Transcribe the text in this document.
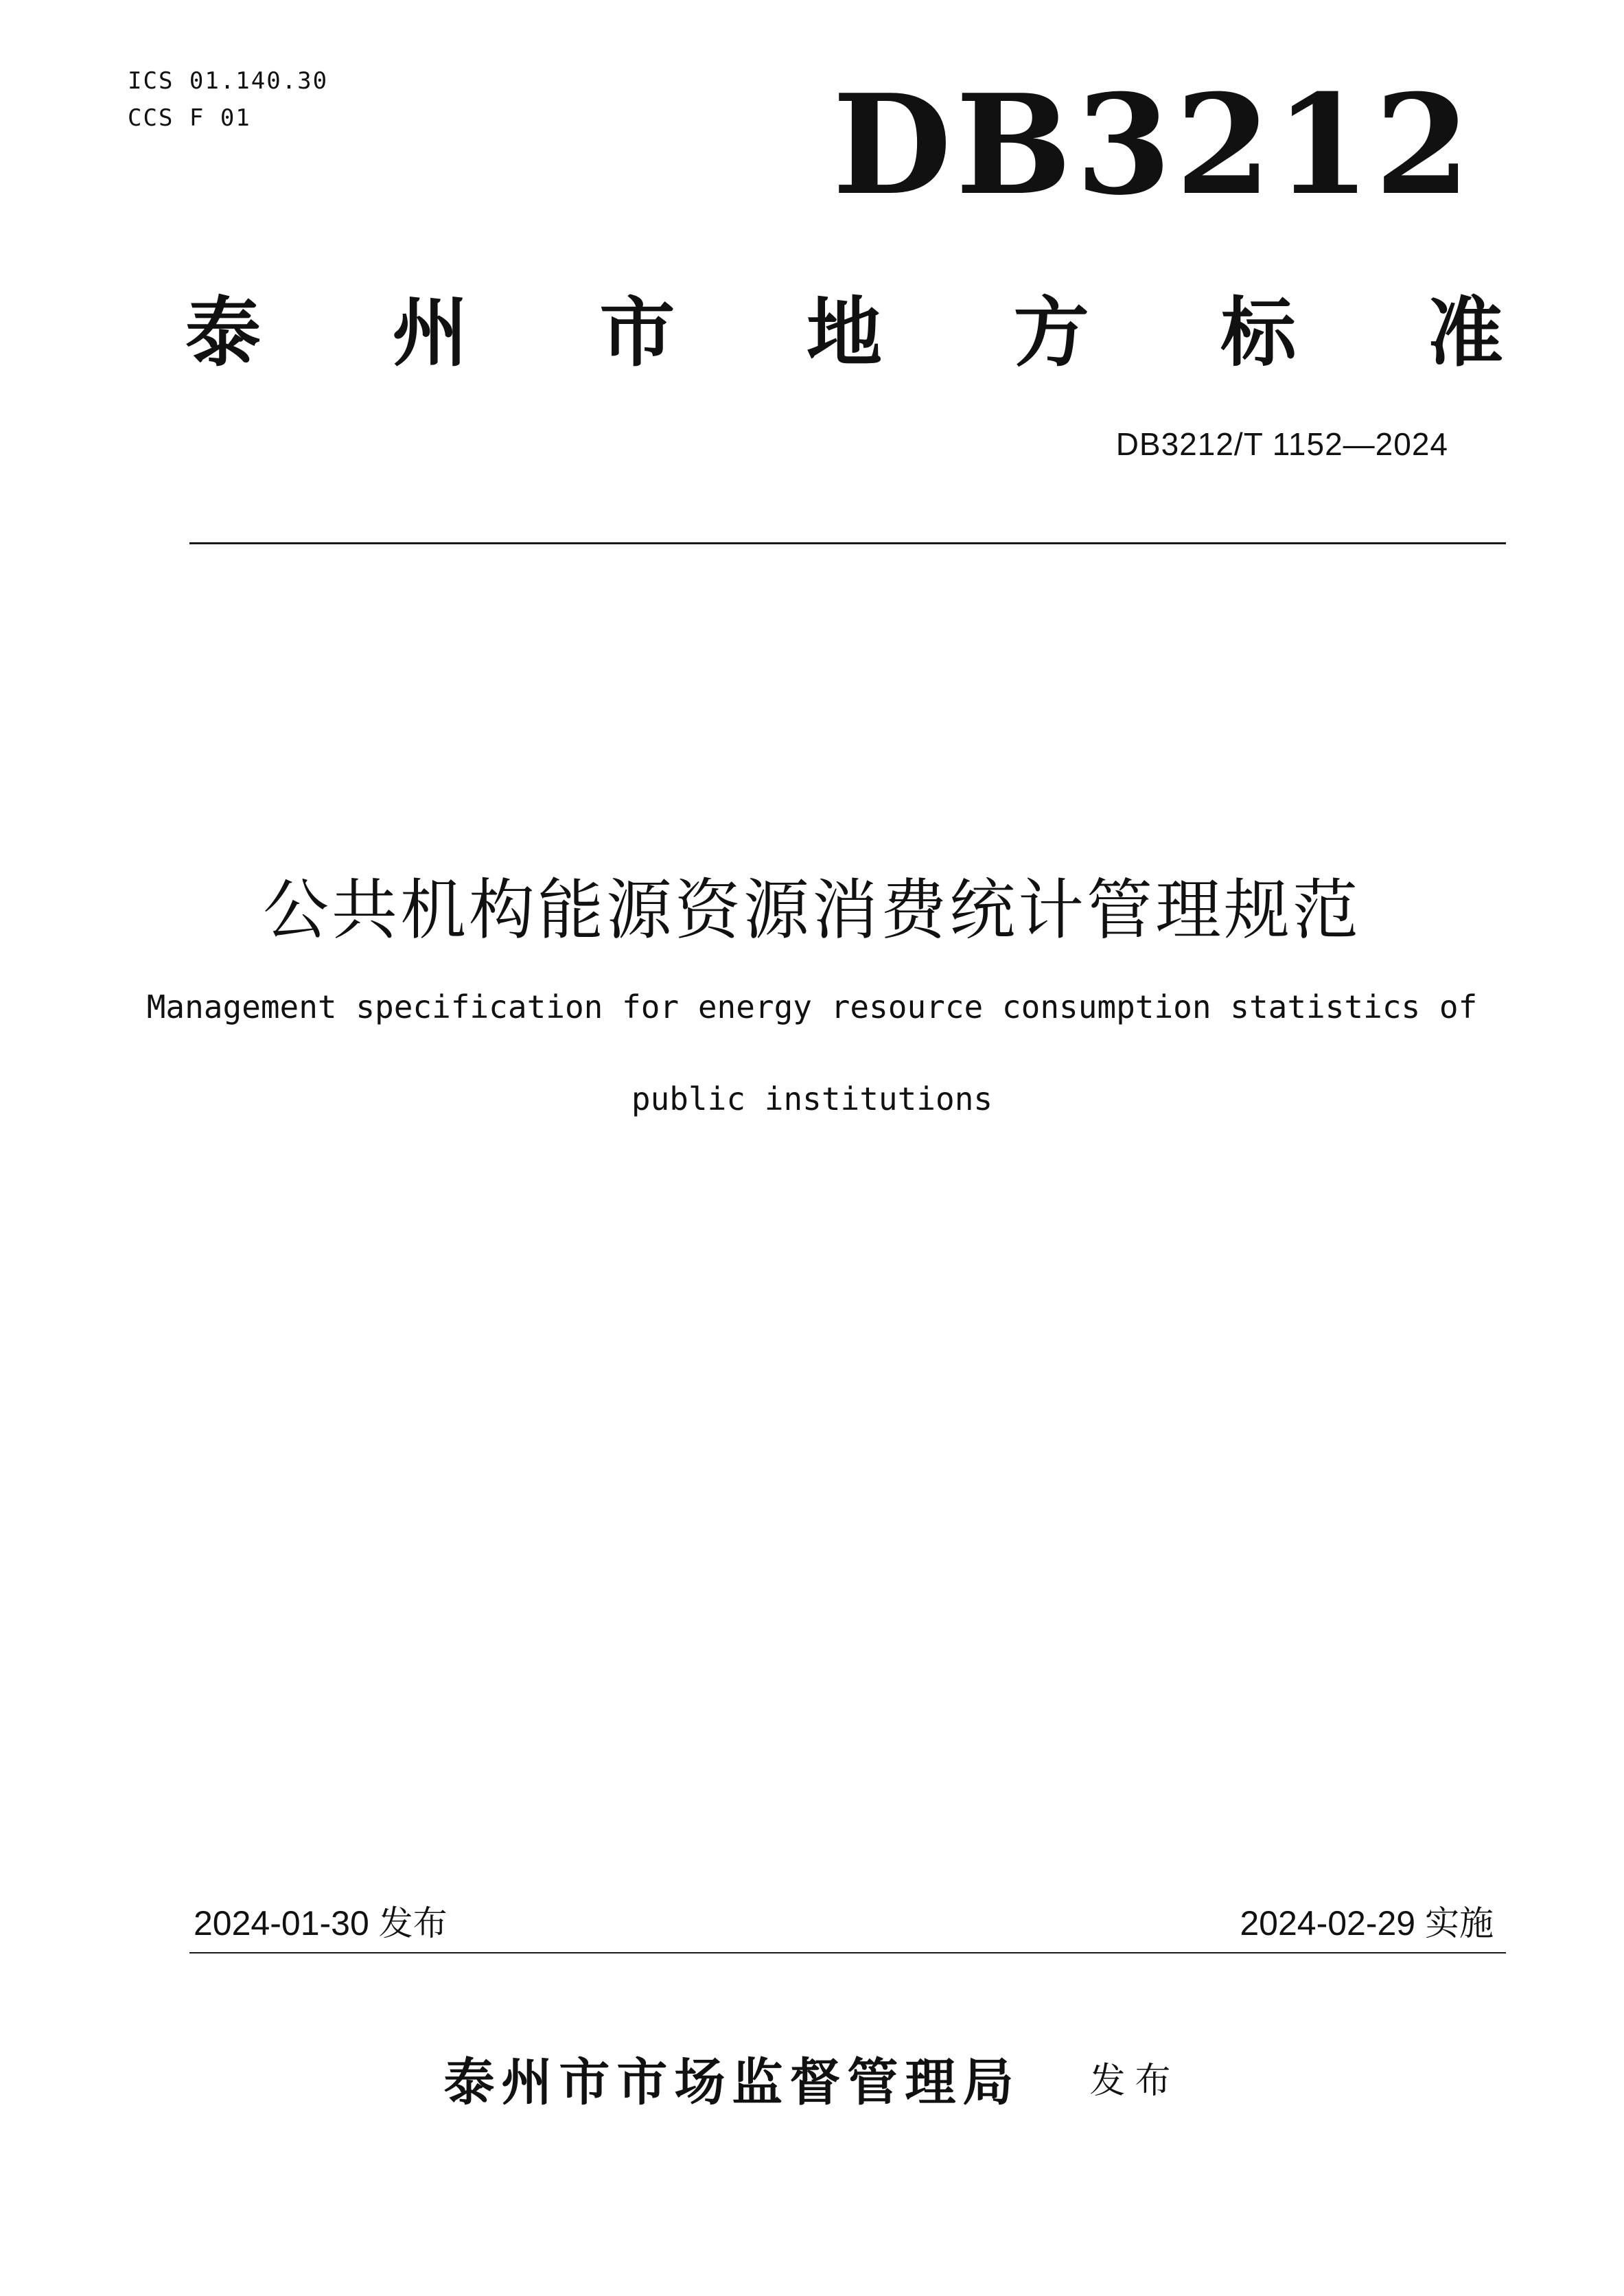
ICS 01.140.30
CCS F 01	DB3212
泰 州 市 地 方 标 准
DB3212/T 1152—2024
公共机构能源资源消费统计管理规范
Management specification for energy resource consumption statistics of
public institutions
2024-01-30 发布	2024-02-29 实施
泰州市市场监督管理局 发布
